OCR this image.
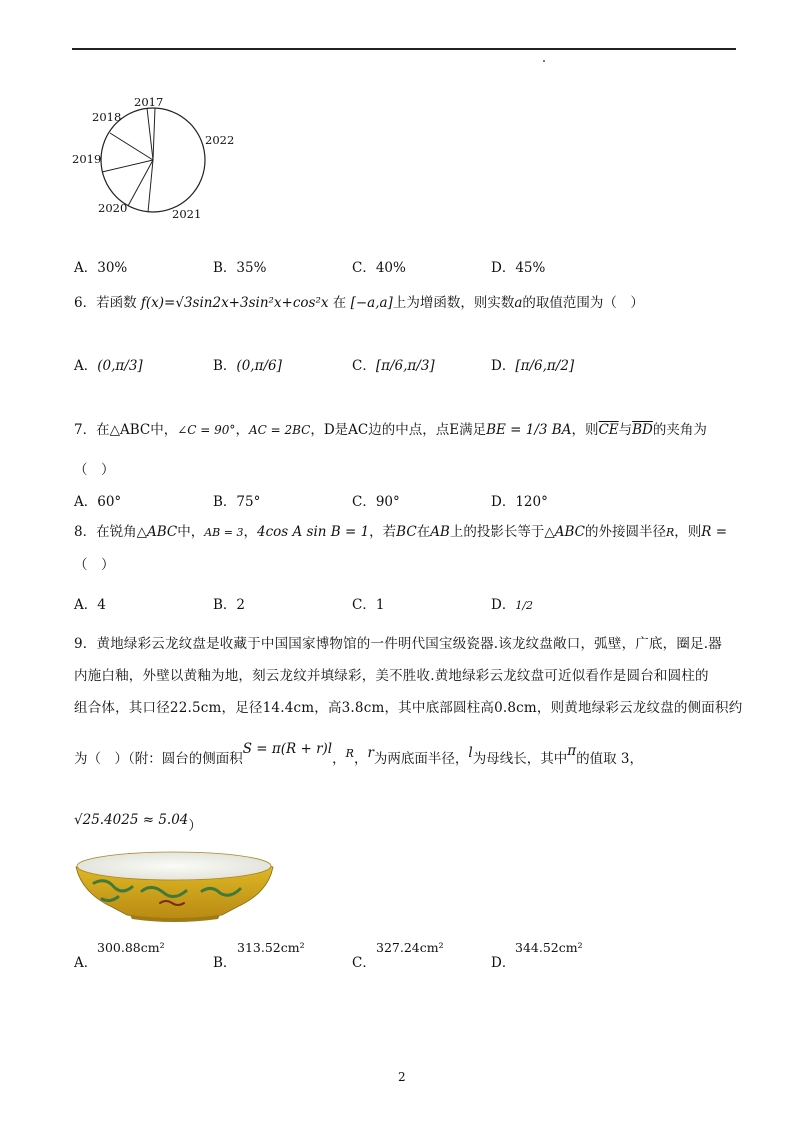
2017
2018
2019
2020	2021
2022
A．30%	B．35%	C．40%	D．45%
6．若函数 f(x)=√3sin2x+3sin²x+cos²x 在 [−a,a]上为增函数，则实数a的取值范围为（　）
A．(0,π/3]	B．(0,π/6]	C．[π/6,π/3]	D．[π/6,π/2]
7．在△ABC中，∠C = 90°，AC = 2BC，D是AC边的中点，点E满足BE = 1/3 BA，则$\overline{CE}$与$\overline{BD}$的夹角为
（　）
A．60°	B．75°	C．90°	D．120°
8．在锐角△ABC中，AB = 3，4cos A sin B = 1，若BC在AB上的投影长等于△ABC的外接圆半径R，则R =
（　）
A．4	B．2	C．1	D．1/2
9．黄地绿彩云龙纹盘是收藏于中国国家博物馆的一件明代国宝级瓷器.该龙纹盘敞口，弧壁，广底，圈足.器
内施白釉，外壁以黄釉为地，刻云龙纹并填绿彩，美不胜收.黄地绿彩云龙纹盘可近似看作是圆台和圆柱的
组合体，其口径22.5cm，足径14.4cm，高3.8cm，其中底部圆柱高0.8cm，则黄地绿彩云龙纹盘的侧面积约
为（　）（附：圆台的侧面积S = π(R + r)l，$^R$，r为两底面半径，l为母线长，其中π的值取 3，
√25.4025 ≈ 5.04）
A．
300.88cm²
B．
313.52cm²
C．
327.24cm²
D．
344.52cm²
2
